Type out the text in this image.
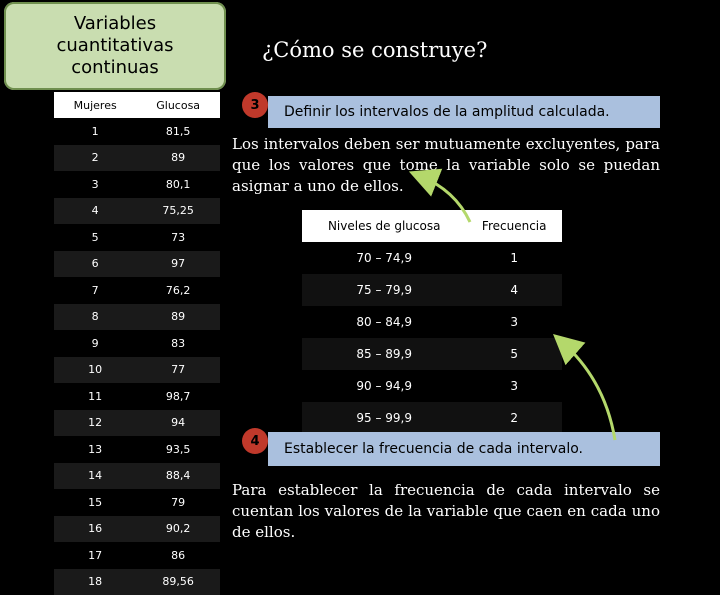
Variables
cuantitativas
continuas
¿Cómo se construye?
Mujeres	Glucosa
1	81,5
2	89
3	80,1
4	75,25
5	73
6	97
7	76,2
8	89
9	83
10	77
11	98,7
12	94
13	93,5
14	88,4
15	79
16	90,2
17	86
18	89,56
3	Definir los intervalos de la amplitud calculada.
Los intervalos deben ser mutuamente excluyentes, para que los valores que tome la variable solo se puedan asignar a uno de ellos.
Niveles de glucosa	Frecuencia
70 – 74,9	1
75 – 79,9	4
80 – 84,9	3
85 – 89,9	5
90 – 94,9	3
95 – 99,9	2
4	Establecer la frecuencia de cada intervalo.
Para establecer la frecuencia de cada intervalo se cuentan los valores de la variable que caen en cada uno de ellos.
